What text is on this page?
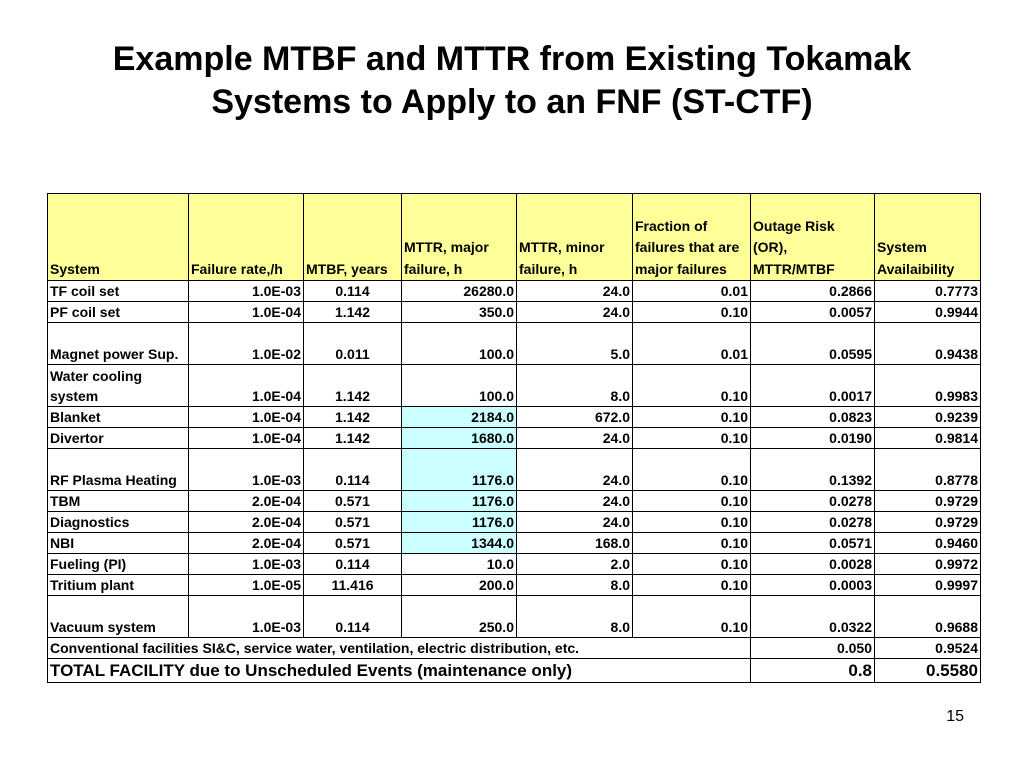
Example MTBF and MTTR from Existing Tokamak Systems to Apply to an FNF (ST-CTF)
System	Failure rate,/h	MTBF, years	MTTR, major failure, h	MTTR, minor failure, h	Fraction of failures that are major failures	Outage Risk (OR), MTTR/MTBF	System Availaibility
TF coil set	1.0E-03	0.114	26280.0	24.0	0.01	0.2866	0.7773
PF coil set	1.0E-04	1.142	350.0	24.0	0.10	0.0057	0.9944
Magnet power Sup.	1.0E-02	0.011	100.0	5.0	0.01	0.0595	0.9438
Water cooling system	1.0E-04	1.142	100.0	8.0	0.10	0.0017	0.9983
Blanket	1.0E-04	1.142	2184.0	672.0	0.10	0.0823	0.9239
Divertor	1.0E-04	1.142	1680.0	24.0	0.10	0.0190	0.9814
RF Plasma Heating	1.0E-03	0.114	1176.0	24.0	0.10	0.1392	0.8778
TBM	2.0E-04	0.571	1176.0	24.0	0.10	0.0278	0.9729
Diagnostics	2.0E-04	0.571	1176.0	24.0	0.10	0.0278	0.9729
NBI	2.0E-04	0.571	1344.0	168.0	0.10	0.0571	0.9460
Fueling (PI)	1.0E-03	0.114	10.0	2.0	0.10	0.0028	0.9972
Tritium plant	1.0E-05	11.416	200.0	8.0	0.10	0.0003	0.9997
Vacuum system	1.0E-03	0.114	250.0	8.0	0.10	0.0322	0.9688
Conventional facilities SI&C, service water, ventilation, electric distribution, etc.						0.050	0.9524
TOTAL FACILITY due to Unscheduled Events (maintenance only)						0.8	0.5580
15
